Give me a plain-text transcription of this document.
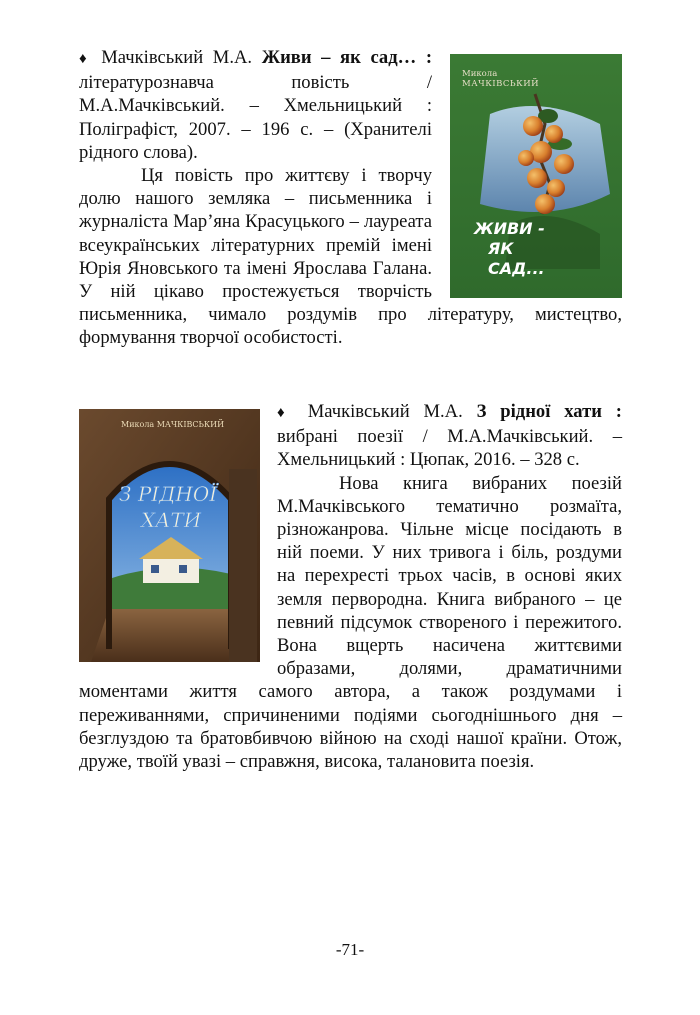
Микола
МАЧКІВСЬКИЙ
ЖИВИ -
ЯК
САД...

♦ Мачківський М.А. Живи – як сад… : літературознавча повість / М.А.Мачківський. – Хмельницький : Поліграфіст, 2007. – 196 с. – (Хранителі рідного слова).

Ця повість про життєву і творчу долю нашого земляка – письменника і журналіста Мар’яна Красуцького – лауреата всеукраїнських літературних премій імені Юрія Яновського та імені Ярослава Галана. У ній цікаво простежується творчість письменника, чимало роздумів про літературу, мистецтво, формування творчої особистості.

Микола МАЧКІВСЬКИЙ
З РІДНОЇ
ХАТИ

♦ Мачківський М.А. З рідної хати : вибрані поезії / М.А.Мачківський. – Хмельницький : Цюпак, 2016. – 328 с.

Нова книга вибраних поезій М.Мачківського тематично розмаїта, різножанрова. Чільне місце посідають в ній поеми. У них тривога і біль, роздуми на перехресті трьох часів, в основі яких земля первородна. Книга вибраного – це певний підсумок створеного і пережитого. Вона вщерть насичена життєвими образами, долями, драматичними моментами життя самого автора, а також роздумами і переживаннями, спричиненими подіями сьогоднішнього дня – безглуздою та братовбивчою війною на сході нашої країни. Отож, друже, твоїй увазі – справжня, висока, талановита поезія.

-71-
